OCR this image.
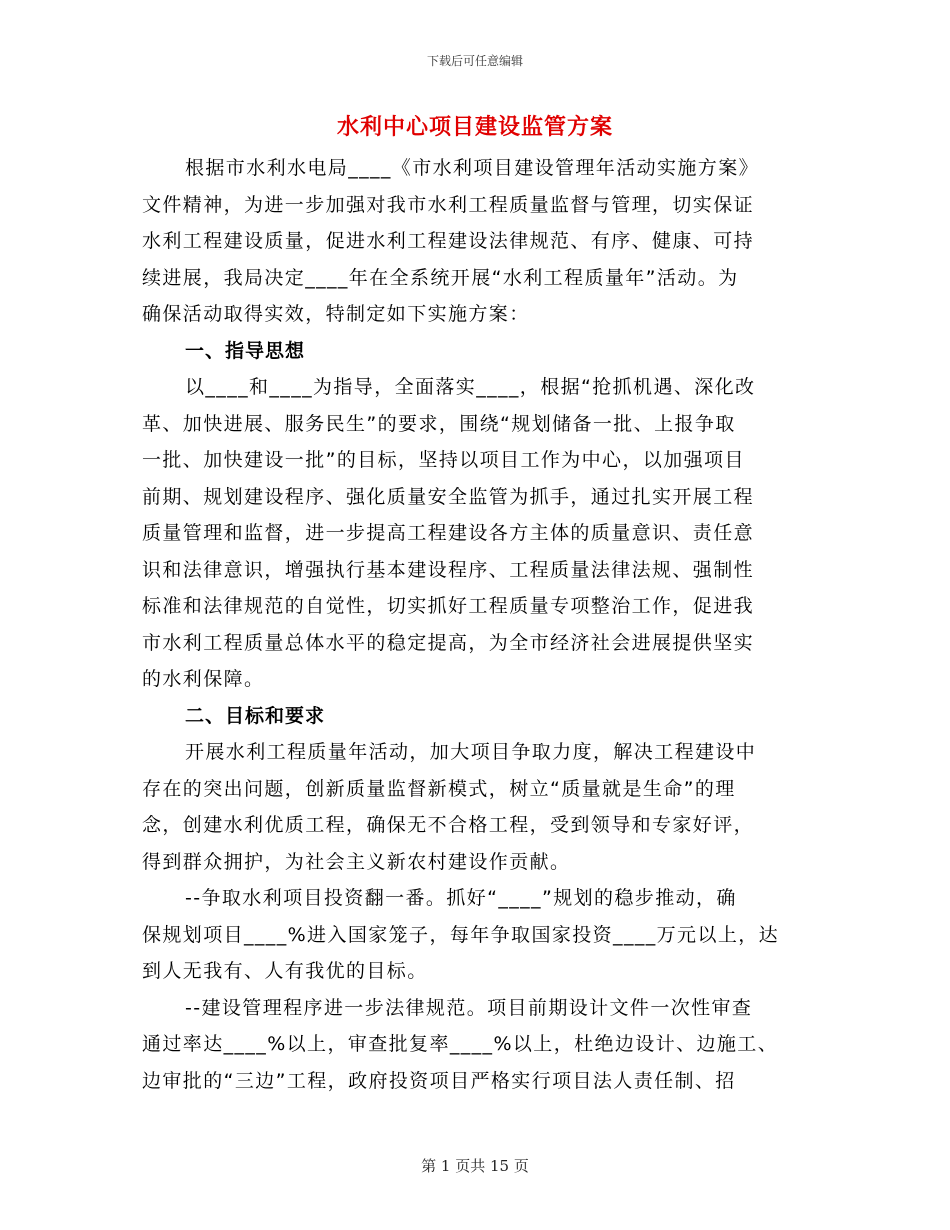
下载后可任意编辑
水利中心项目建设监管方案
根据市水利水电局____《市水利项目建设管理年活动实施方案》
文件精神，为进一步加强对我市水利工程质量监督与管理，切实保证
水利工程建设质量，促进水利工程建设法律规范、有序、健康、可持
续进展，我局决定____年在全系统开展“水利工程质量年”活动。为
确保活动取得实效，特制定如下实施方案：
一、指导思想
以____和____为指导，全面落实____，根据“抢抓机遇、深化改
革、加快进展、服务民生”的要求，围绕“规划储备一批、上报争取
一批、加快建设一批”的目标，坚持以项目工作为中心，以加强项目
前期、规划建设程序、强化质量安全监管为抓手，通过扎实开展工程
质量管理和监督，进一步提高工程建设各方主体的质量意识、责任意
识和法律意识，增强执行基本建设程序、工程质量法律法规、强制性
标准和法律规范的自觉性，切实抓好工程质量专项整治工作，促进我
市水利工程质量总体水平的稳定提高，为全市经济社会进展提供坚实
的水利保障。
二、目标和要求
开展水利工程质量年活动，加大项目争取力度，解决工程建设中
存在的突出问题，创新质量监督新模式，树立“质量就是生命”的理
念，创建水利优质工程，确保无不合格工程，受到领导和专家好评，
得到群众拥护，为社会主义新农村建设作贡献。
--争取水利项目投资翻一番。抓好“____”规划的稳步推动，确
保规划项目____%进入国家笼子，每年争取国家投资____万元以上，达
到人无我有、人有我优的目标。
--建设管理程序进一步法律规范。项目前期设计文件一次性审查
通过率达____%以上，审查批复率____%以上，杜绝边设计、边施工、
边审批的“三边”工程，政府投资项目严格实行项目法人责任制、招
第 1 页共 15 页
